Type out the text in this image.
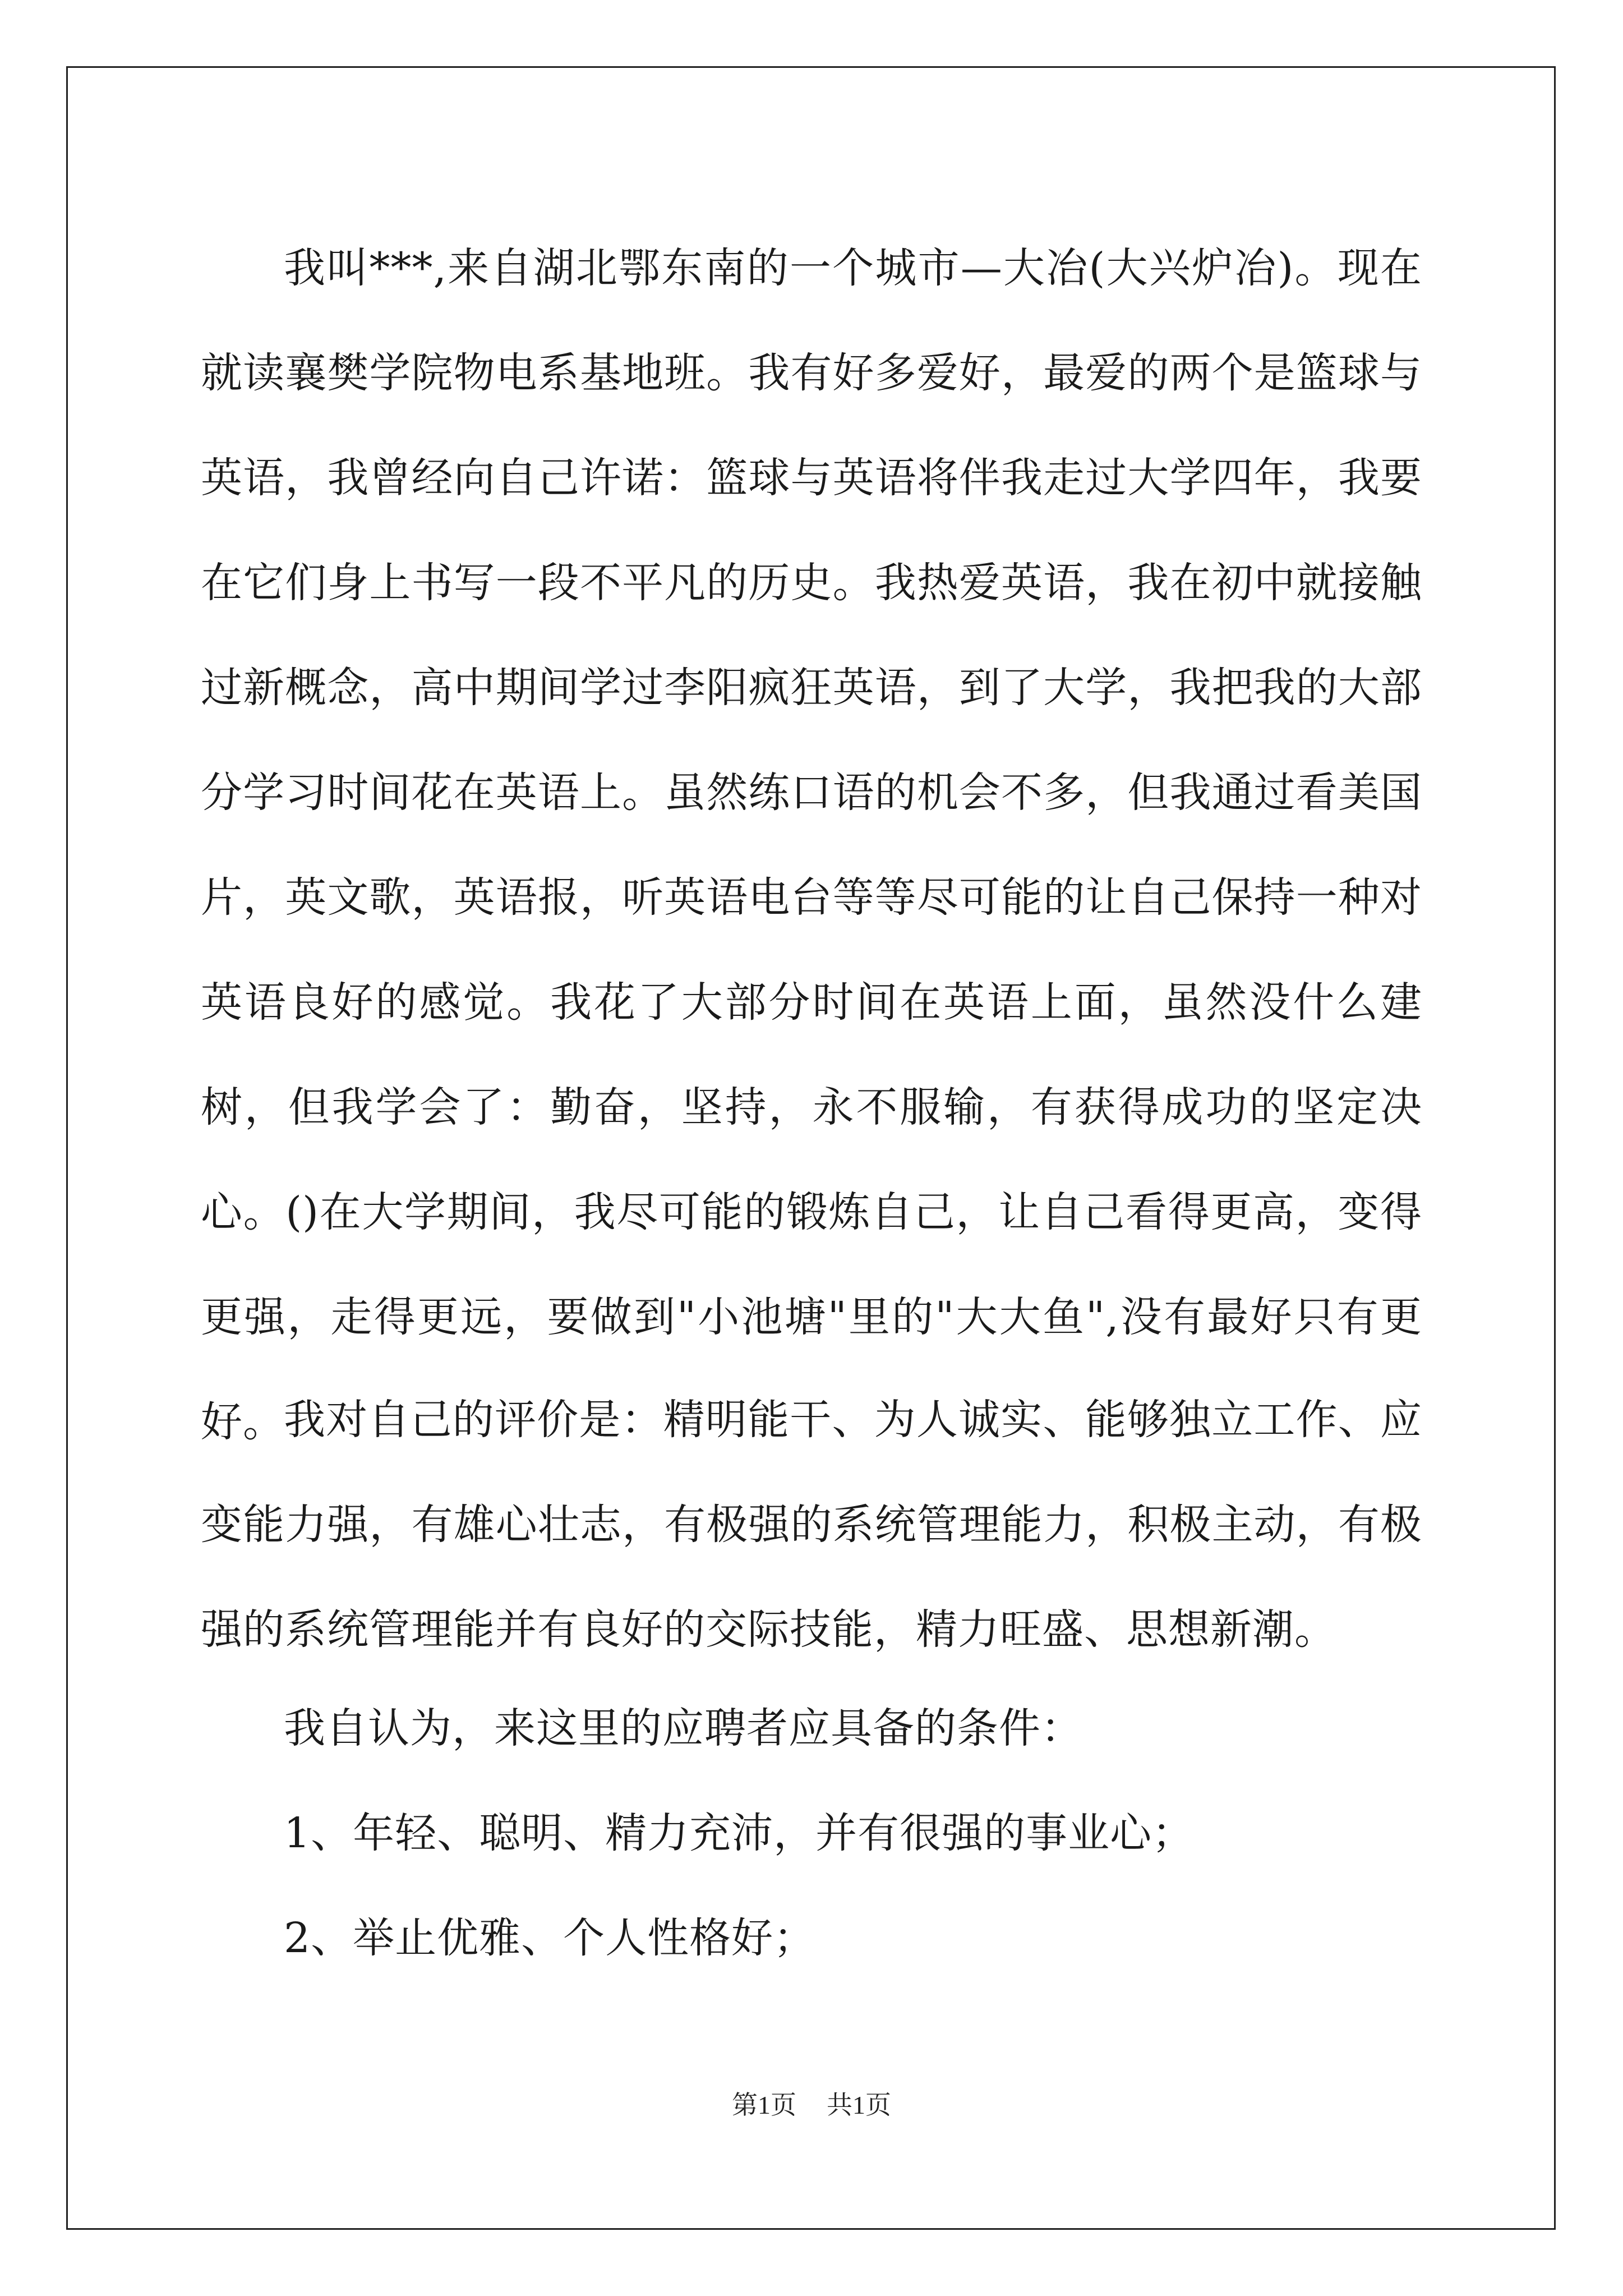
我叫***,来自湖北鄂东南的一个城市—大冶(大兴炉冶)。现在就读襄樊学院物电系基地班。我有好多爱好，最爱的两个是篮球与英语，我曾经向自己许诺：篮球与英语将伴我走过大学四年，我要在它们身上书写一段不平凡的历史。我热爱英语，我在初中就接触过新概念，高中期间学过李阳疯狂英语，到了大学，我把我的大部分学习时间花在英语上。虽然练口语的机会不多，但我通过看美国片，英文歌，英语报，听英语电台等等尽可能的让自己保持一种对英语良好的感觉。我花了大部分时间在英语上面，虽然没什么建树，但我学会了：勤奋，坚持，永不服输，有获得成功的坚定决心。()在大学期间，我尽可能的锻炼自己，让自己看得更高，变得更强，走得更远，要做到"小池塘"里的"大大鱼",没有最好只有更好。

我对自己的评价是：精明能干、为人诚实、能够独立工作、应变能力强，有雄心壮志，有极强的系统管理能力，积极主动，有极强的系统管理能并有良好的交际技能，精力旺盛、思想新潮。

我自认为，来这里的应聘者应具备的条件：

1、年轻、聪明、精力充沛，并有很强的事业心；

2、举止优雅、个人性格好；

第1页 共1页
